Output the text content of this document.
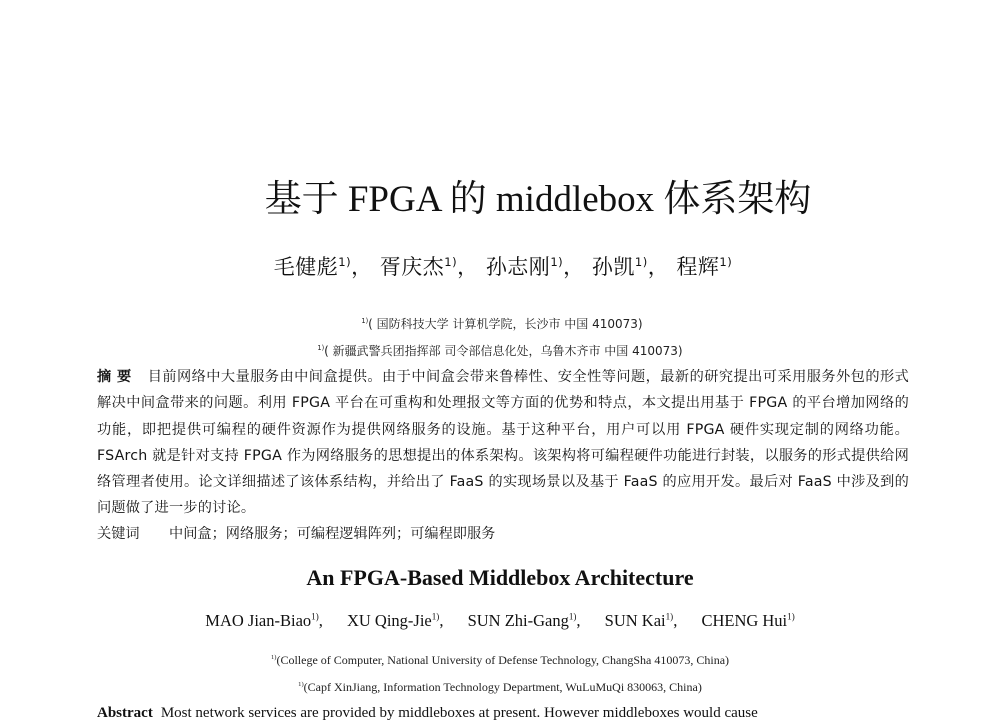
基于 FPGA 的 middlebox 体系架构
毛健彪$^{1)}$， 胥庆杰$^{1)}$， 孙志刚$^{1)}$， 孙凯$^{1)}$， 程辉$^{1)}$
$^{1)}$( 国防科技大学 计算机学院，长沙市 中国 410073)
$^{1)}$( 新疆武警兵团指挥部 司令部信息化处，乌鲁木齐市 中国 410073)
摘 要 目前网络中大量服务由中间盒提供。由于中间盒会带来鲁棒性、安全性等问题，最新的研究提出可采用服务外包的形式解决中间盒带来的问题。利用 FPGA 平台在可重构和处理报文等方面的优势和特点，本文提出用基于 FPGA 的平台增加网络的功能，即把提供可编程的硬件资源作为提供网络服务的设施。基于这种平台，用户可以用 FPGA 硬件实现定制的网络功能。FSArch 就是针对支持 FPGA 作为网络服务的思想提出的体系架构。该架构将可编程硬件功能进行封装，以服务的形式提供给网络管理者使用。论文详细描述了该体系结构，并给出了 FaaS 的实现场景以及基于 FaaS 的应用开发。最后对 FaaS 中涉及到的问题做了进一步的讨论。
关键词 中间盒；网络服务；可编程逻辑阵列；可编程即服务
An FPGA-Based Middlebox Architecture
MAO Jian-Biao$^{1)}$, XU Qing-Jie$^{1)}$, SUN Zhi-Gang$^{1)}$, SUN Kai$^{1)}$, CHENG Hui$^{1)}$
$^{1)}$(College of Computer, National University of Defense Technology, ChangSha 410073, China)
$^{1)}$(Capf XinJiang, Information Technology Department, WuLuMuQi 830063, China)
Abstract Most network services are provided by middleboxes at present. However middleboxes would cause
